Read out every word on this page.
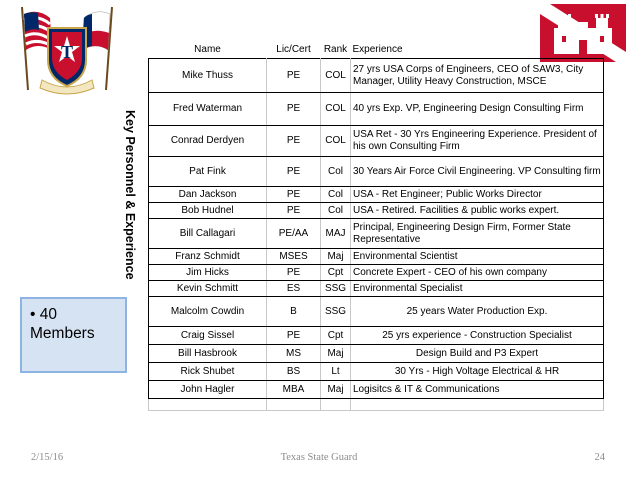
T
Key Personnel & Experience
• 40 Members
Name	Lic/Cert	Rank	Experience
Mike Thuss	PE	COL	27 yrs USA Corps of Engineers, CEO of SAW3, City Manager, Utility Heavy Construction, MSCE
Fred Waterman	PE	COL	40 yrs Exp. VP, Engineering Design Consulting Firm
Conrad Derdyen	PE	COL	USA Ret - 30 Yrs Engineering Experience. President of his own Consulting Firm
Pat Fink	PE	Col	30 Years Air Force Civil Engineering. VP Consulting firm
Dan Jackson	PE	Col	USA - Ret Engineer; Public Works Director
Bob Hudnel	PE	Col	USA - Retired. Facilities & public works expert.
Bill Callagari	PE/AA	MAJ	Principal, Engineering Design Firm, Former State Representative
Franz Schmidt	MSES	Maj	Environmental Scientist
Jim Hicks	PE	Cpt	Concrete Expert - CEO of his own company
Kevin Schmitt	ES	SSG	Environmental Specialist
Malcolm Cowdin	B	SSG	25 years Water Production Exp.
Craig Sissel	PE	Cpt	25 yrs experience - Construction Specialist
Bill Hasbrook	MS	Maj	Design Build and P3 Expert
Rick Shubet	BS	Lt	30 Yrs - High Voltage Electrical & HR
John Hagler	MBA	Maj	Logisitcs & IT & Communications

2/15/16	Texas State Guard	24
